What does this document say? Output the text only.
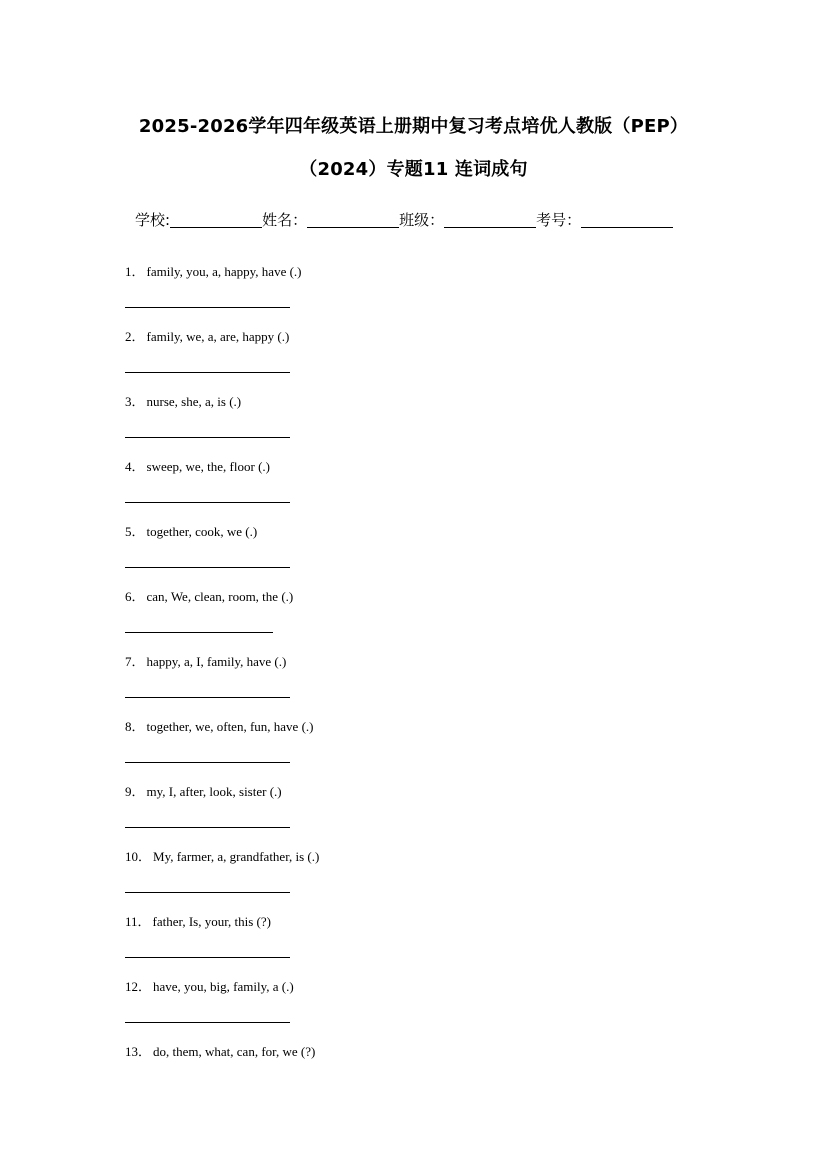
2025-2026学年四年级英语上册期中复习考点培优人教版（PEP）
（2024）专题11 连词成句
学校:	姓名：	班级：	考号：
1． family, you, a, happy, have (.)
2． family, we, a, are, happy (.)
3． nurse, she, a, is (.)
4． sweep, we, the, floor (.)
5． together, cook, we (.)
6． can, We, clean, room, the (.)
7． happy, a, I, family, have (.)
8． together, we, often, fun, have (.)
9． my, I, after, look, sister (.)
10． My, farmer, a, grandfather, is (.)
11． father, Is, your, this (?)
12． have, you, big, family, a (.)
13． do, them, what, can, for, we (?)
